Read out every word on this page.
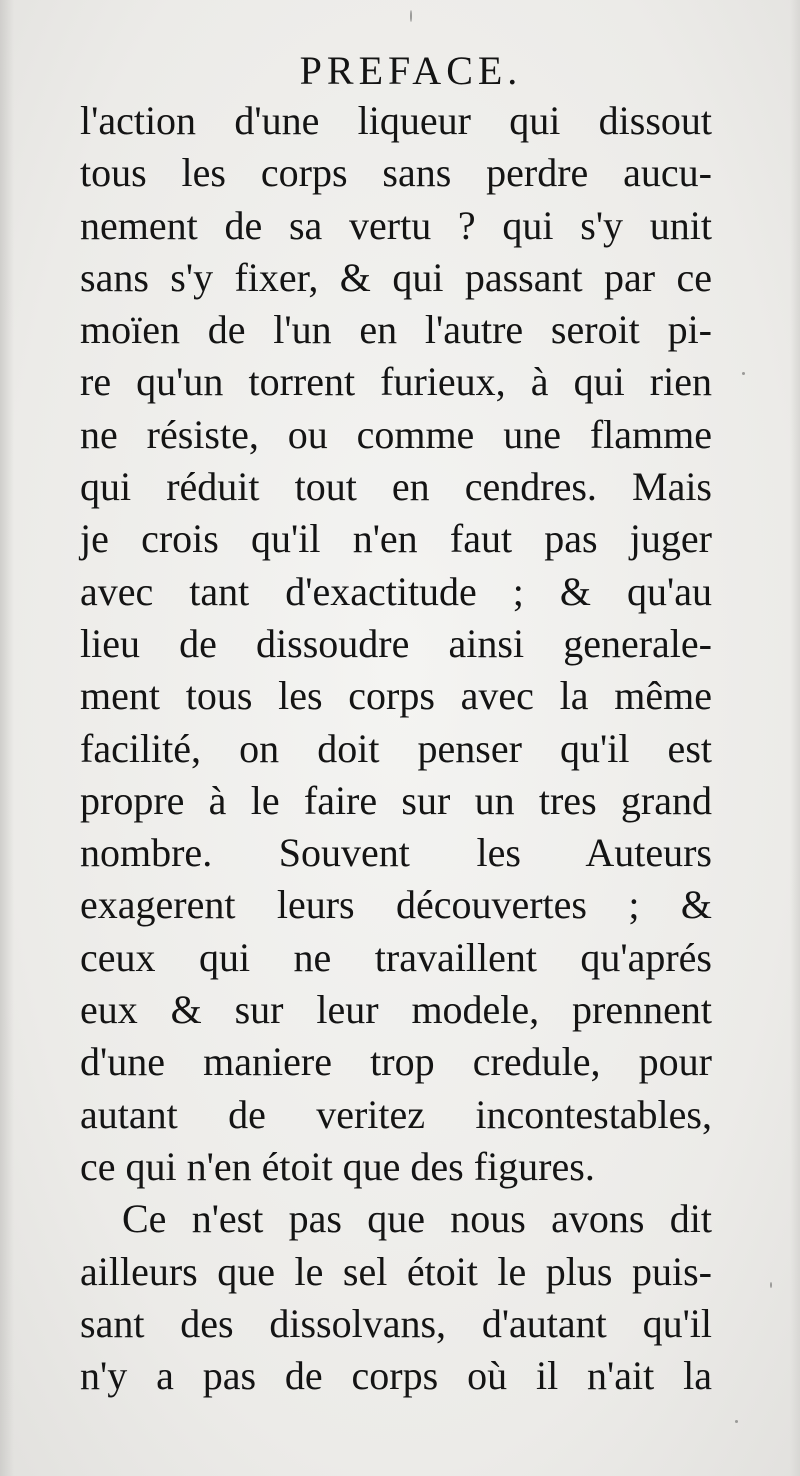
PREFACE.
l'action d'une liqueur qui dissout
tous les corps sans perdre aucu-
nement de sa vertu ? qui s'y unit
sans s'y fixer, & qui passant par ce
moïen de l'un en l'autre seroit pi-
re qu'un torrent furieux, à qui rien
ne résiste, ou comme une flamme
qui réduit tout en cendres. Mais
je crois qu'il n'en faut pas juger
avec tant d'exactitude ; & qu'au
lieu de dissoudre ainsi generale-
ment tous les corps avec la même
facilité, on doit penser qu'il est
propre à le faire sur un tres grand
nombre. Souvent les Auteurs
exagerent leurs découvertes ; &
ceux qui ne travaillent qu'aprés
eux & sur leur modele, prennent
d'une maniere trop credule, pour
autant de veritez incontestables,
ce qui n'en étoit que des figures.
Ce n'est pas que nous avons dit
ailleurs que le sel étoit le plus puis-
sant des dissolvans, d'autant qu'il
n'y a pas de corps où il n'ait la
